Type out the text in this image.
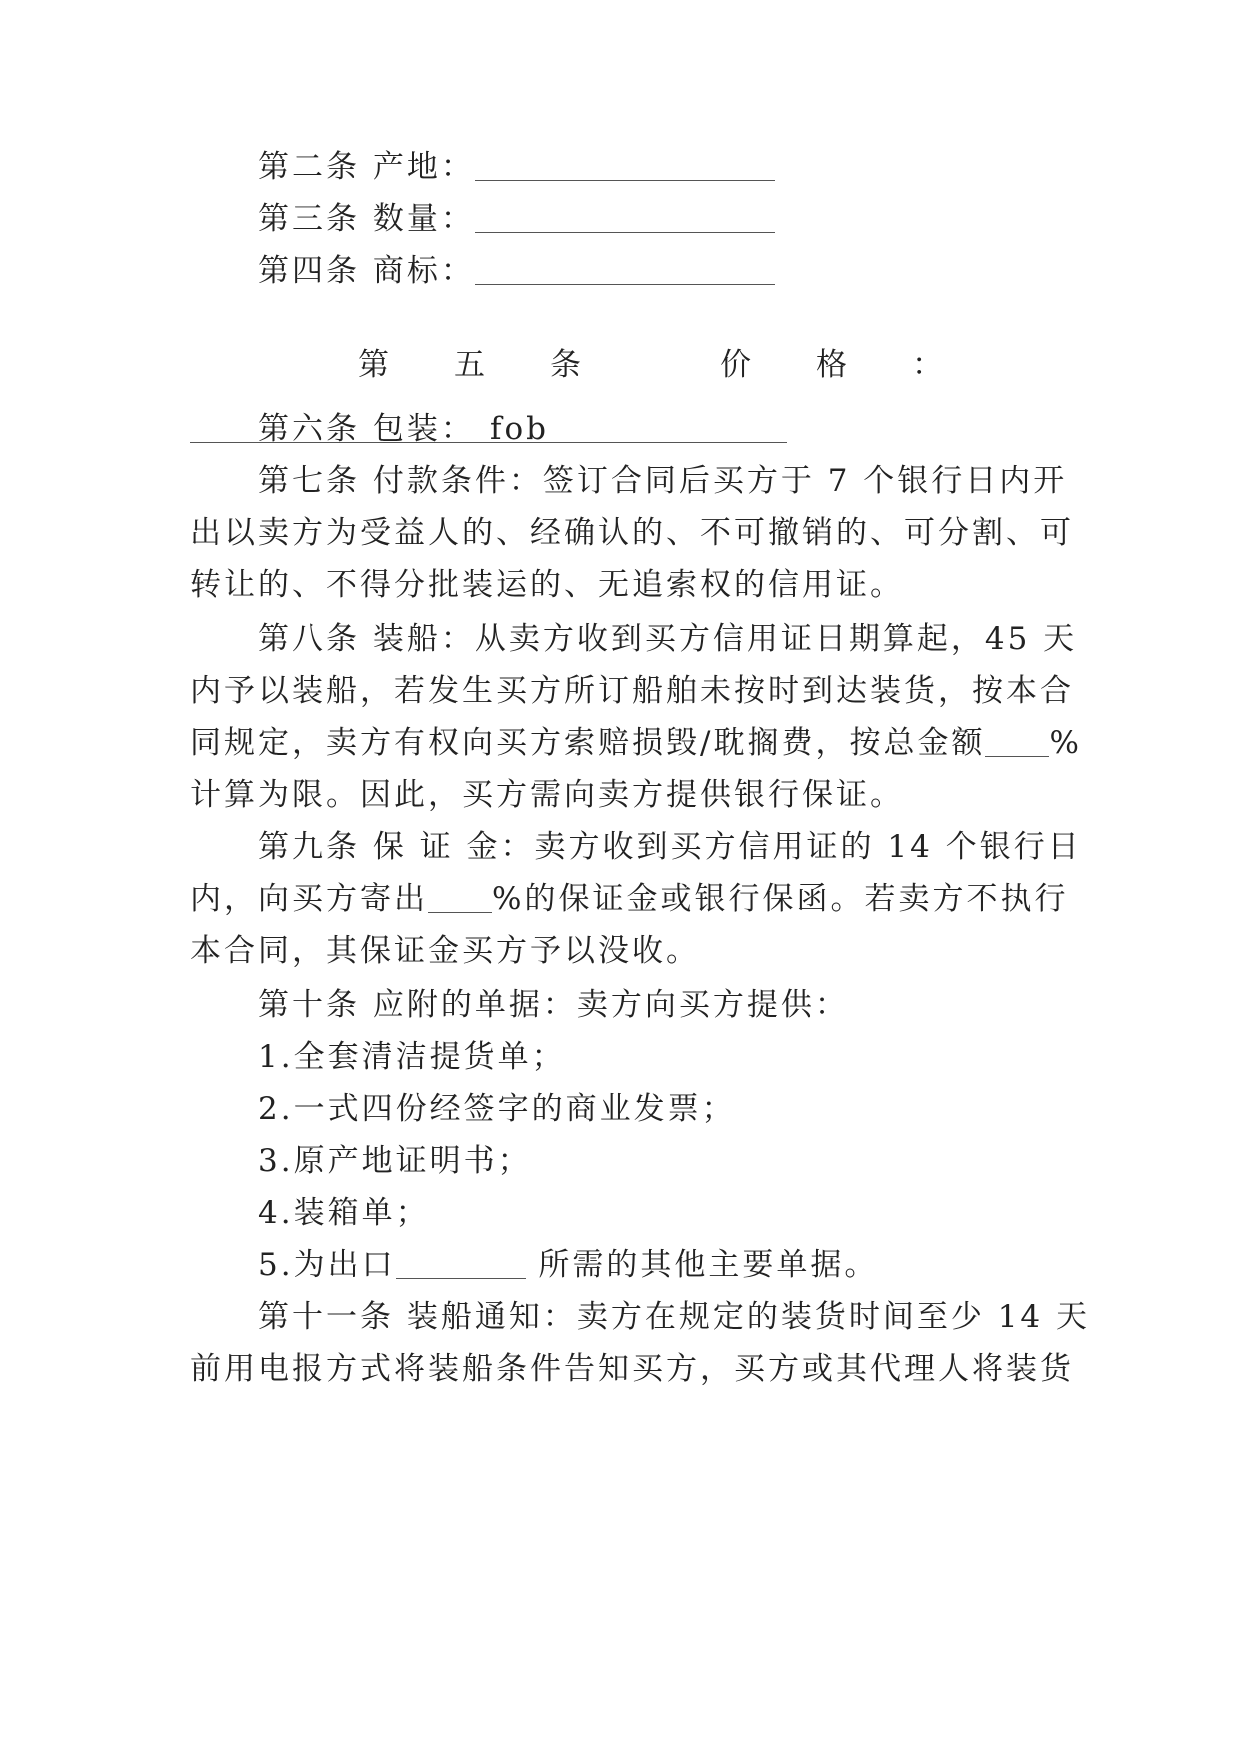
第二条 产地：
第三条 数量：
第四条 商标：
第 五 条	价 格 ：
fob
第六条 包装：
第七条 付款条件：签订合同后买方于 7 个银行日内开
出以卖方为受益人的、经确认的、不可撤销的、可分割、可
转让的、不得分批装运的、无追索权的信用证。
第八条 装船：从卖方收到买方信用证日期算起，45 天
内予以装船，若发生买方所订船舶未按时到达装货，按本合
同规定，卖方有权向买方索赔损毁/耽搁费，按总金额 %
计算为限。因此，买方需向卖方提供银行保证。
第九条 保 证 金：卖方收到买方信用证的 14 个银行日
内，向买方寄出 %的保证金或银行保函。若卖方不执行
本合同，其保证金买方予以没收。
第十条 应附的单据：卖方向买方提供：
1.全套清洁提货单；
2.一式四份经签字的商业发票；
3.原产地证明书；
4.装箱单；
5.为出口	所需的其他主要单据。
第十一条 装船通知：卖方在规定的装货时间至少 14 天
前用电报方式将装船条件告知买方，买方或其代理人将装货
